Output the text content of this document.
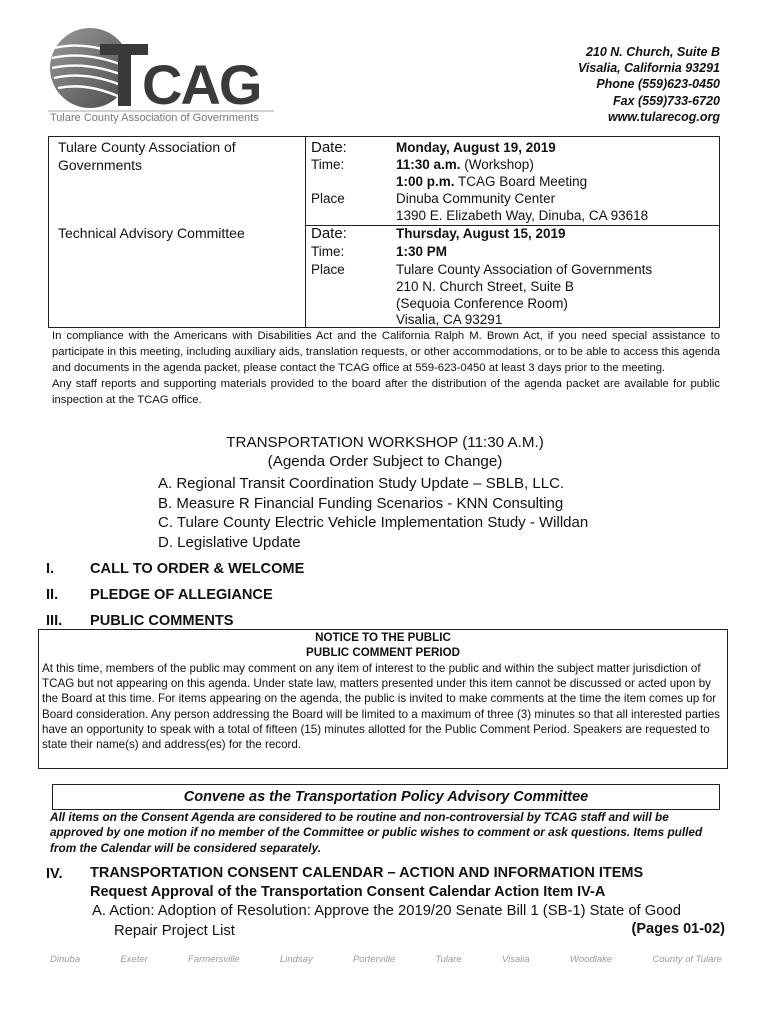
CAG
Tulare County Association of Governments
210 N. Church, Suite B
Visalia, California 93291
Phone (559)623-0450
Fax (559)733-6720
www.tularecog.org
Tulare County Association of Governments
Date:	Monday, August 19, 2019
Time:	11:30 a.m. (Workshop)
1:00 p.m. TCAG Board Meeting
Place	Dinuba Community Center
1390 E. Elizabeth Way, Dinuba, CA 93618
Technical Advisory Committee	Date:	Thursday, August 15, 2019
Time:	1:30 PM
Place	Tulare County Association of Governments
210 N. Church Street, Suite B
(Sequoia Conference Room)
Visalia, CA 93291

In compliance with the Americans with Disabilities Act and the California Ralph M. Brown Act, if you need special assistance to participate in this meeting, including auxiliary aids, translation requests, or other accommodations, or to be able to access this agenda and documents in the agenda packet, please contact the TCAG office at 559-623-0450 at least 3 days prior to the meeting.

Any staff reports and supporting materials provided to the board after the distribution of the agenda packet are available for public inspection at the TCAG office.

TRANSPORTATION WORKSHOP (11:30 A.M.)
(Agenda Order Subject to Change)
A. Regional Transit Coordination Study Update – SBLB, LLC.
B. Measure R Financial Funding Scenarios - KNN Consulting
C. Tulare County Electric Vehicle Implementation Study - Willdan
D. Legislative Update
I. CALL TO ORDER & WELCOME
II. PLEDGE OF ALLEGIANCE
III. PUBLIC COMMENTS
NOTICE TO THE PUBLIC
PUBLIC COMMENT PERIOD
At this time, members of the public may comment on any item of interest to the public and within the subject matter jurisdiction of TCAG but not appearing on this agenda. Under state law, matters presented under this item cannot be discussed or acted upon by the Board at this time. For items appearing on the agenda, the public is invited to make comments at the time the item comes up for Board consideration. Any person addressing the Board will be limited to a maximum of three (3) minutes so that all interested parties have an opportunity to speak with a total of fifteen (15) minutes allotted for the Public Comment Period. Speakers are requested to state their name(s) and address(es) for the record.
Convene as the Transportation Policy Advisory Committee
All items on the Consent Agenda are considered to be routine and non-controversial by TCAG staff and will be approved by one motion if no member of the Committee or public wishes to comment or ask questions. Items pulled from the Calendar will be considered separately.
IV. TRANSPORTATION CONSENT CALENDAR – ACTION AND INFORMATION ITEMS
Request Approval of the Transportation Consent Calendar Action Item IV-A
A. Action: Adoption of Resolution: Approve the 2019/20 Senate Bill 1 (SB-1) State of Good
Repair Project List	(Pages 01-02)
Dinuba	Exeter	Farmersville	Lindsay	Porterville	Tulare	Visalia	Woodlake	County of Tulare
